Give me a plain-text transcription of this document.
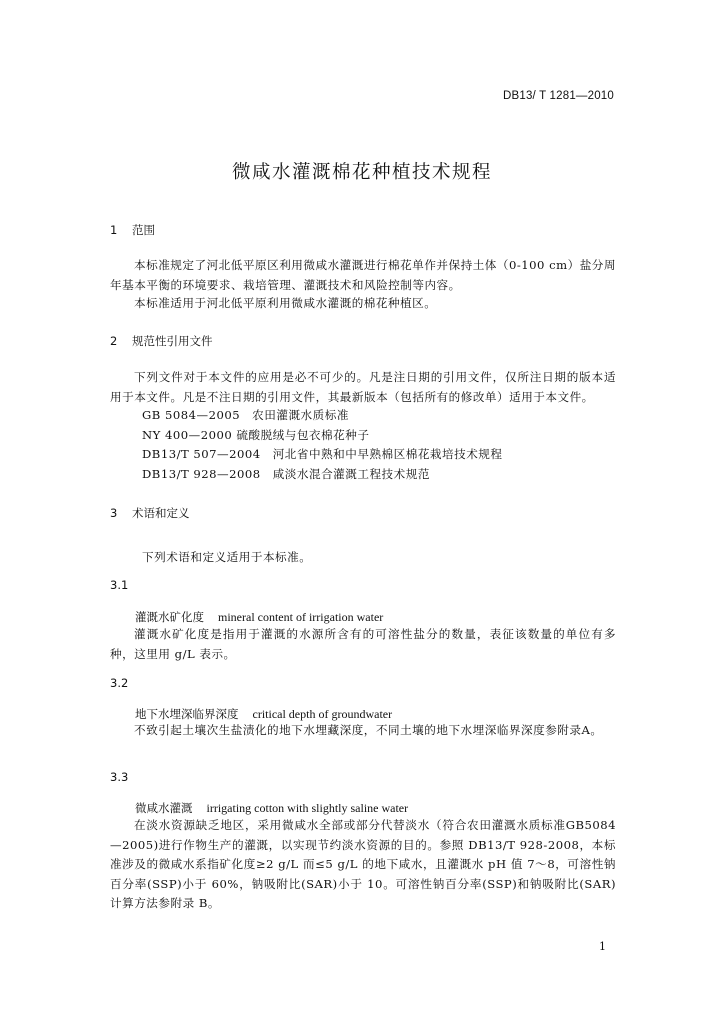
DB13/ T 1281—2010
微咸水灌溉棉花种植技术规程
1 范围
本标准规定了河北低平原区利用微咸水灌溉进行棉花单作并保持土体（0-100 cm）盐分周年基本平衡的环境要求、栽培管理、灌溉技术和风险控制等内容。
本标准适用于河北低平原利用微咸水灌溉的棉花种植区。
2 规范性引用文件
下列文件对于本文件的应用是必不可少的。凡是注日期的引用文件，仅所注日期的版本适用于本文件。凡是不注日期的引用文件，其最新版本（包括所有的修改单）适用于本文件。
GB 5084—2005　农田灌溉水质标准
NY 400—2000 硫酸脱绒与包衣棉花种子
DB13/T 507—2004　河北省中熟和中早熟棉区棉花栽培技术规程
DB13/T 928—2008　咸淡水混合灌溉工程技术规范
3 术语和定义
下列术语和定义适用于本标准。
3.1
灌溉水矿化度 mineral content of irrigation water
灌溉水矿化度是指用于灌溉的水源所含有的可溶性盐分的数量，表征该数量的单位有多种，这里用 g/L 表示。
3.2
地下水埋深临界深度 critical depth of groundwater
不致引起土壤次生盐渍化的地下水埋藏深度，不同土壤的地下水埋深临界深度参附录A。
3.3
微咸水灌溉 irrigating cotton with slightly saline water
在淡水资源缺乏地区，采用微咸水全部或部分代替淡水（符合农田灌溉水质标准GB5084—2005)进行作物生产的灌溉，以实现节约淡水资源的目的。参照 DB13/T 928-2008，本标准涉及的微咸水系指矿化度≥2 g/L 而≤5 g/L 的地下咸水，且灌溉水 pH 值 7～8，可溶性钠百分率(SSP)小于 60%，钠吸附比(SAR)小于 10。可溶性钠百分率(SSP)和钠吸附比(SAR)计算方法参附录 B。
1
